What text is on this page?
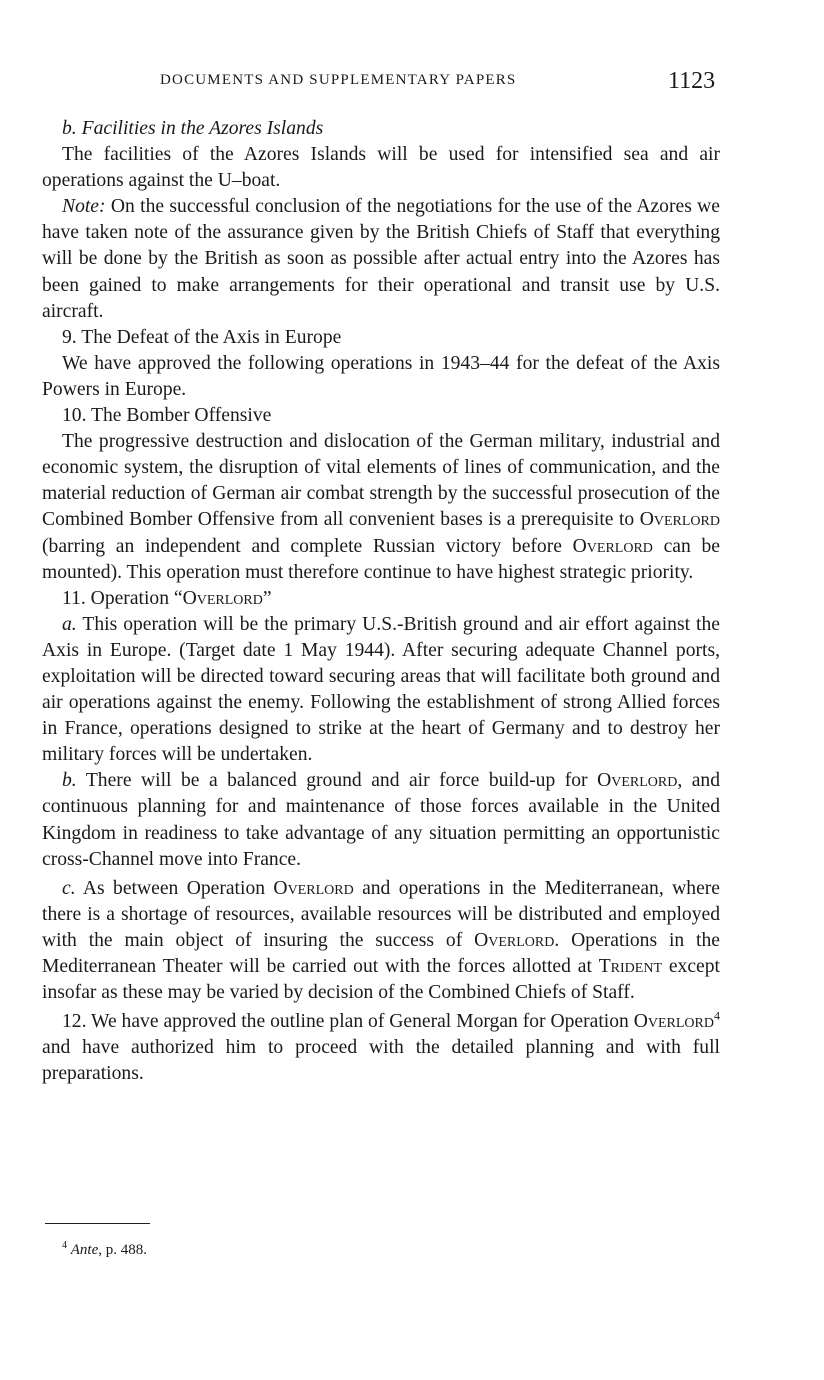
DOCUMENTS AND SUPPLEMENTARY PAPERS	1123

b. Facilities in the Azores Islands

The facilities of the Azores Islands will be used for intensified sea and air operations against the U–boat.

Note: On the successful conclusion of the negotiations for the use of the Azores we have taken note of the assurance given by the British Chiefs of Staff that everything will be done by the British as soon as possible after actual entry into the Azores has been gained to make arrangements for their operational and transit use by U.S. aircraft.

9. The Defeat of the Axis in Europe

We have approved the following operations in 1943–44 for the defeat of the Axis Powers in Europe.

10. The Bomber Offensive

The progressive destruction and dislocation of the German military, industrial and economic system, the disruption of vital elements of lines of communication, and the material reduction of German air combat strength by the successful prosecution of the Combined Bomber Offensive from all convenient bases is a prerequisite to Overlord (barring an independent and complete Russian victory before Overlord can be mounted). This operation must therefore continue to have highest strategic priority.

11. Operation “Overlord”

a. This operation will be the primary U.S.-British ground and air effort against the Axis in Europe. (Target date 1 May 1944). After securing adequate Channel ports, exploitation will be directed toward securing areas that will facilitate both ground and air operations against the enemy. Following the establishment of strong Allied forces in France, operations designed to strike at the heart of Germany and to destroy her military forces will be undertaken.

b. There will be a balanced ground and air force build-up for Overlord, and continuous planning for and maintenance of those forces available in the United Kingdom in readiness to take advantage of any situation permitting an opportunistic cross-Channel move into France.

c. As between Operation Overlord and operations in the Mediterranean, where there is a shortage of resources, available resources will be distributed and employed with the main object of insuring the success of Overlord. Operations in the Mediterranean Theater will be carried out with the forces allotted at Trident except insofar as these may be varied by decision of the Combined Chiefs of Staff.

12. We have approved the outline plan of General Morgan for Operation Overlord$^4$ and have authorized him to proceed with the detailed planning and with full preparations.

$^4$ Ante, p. 488.
